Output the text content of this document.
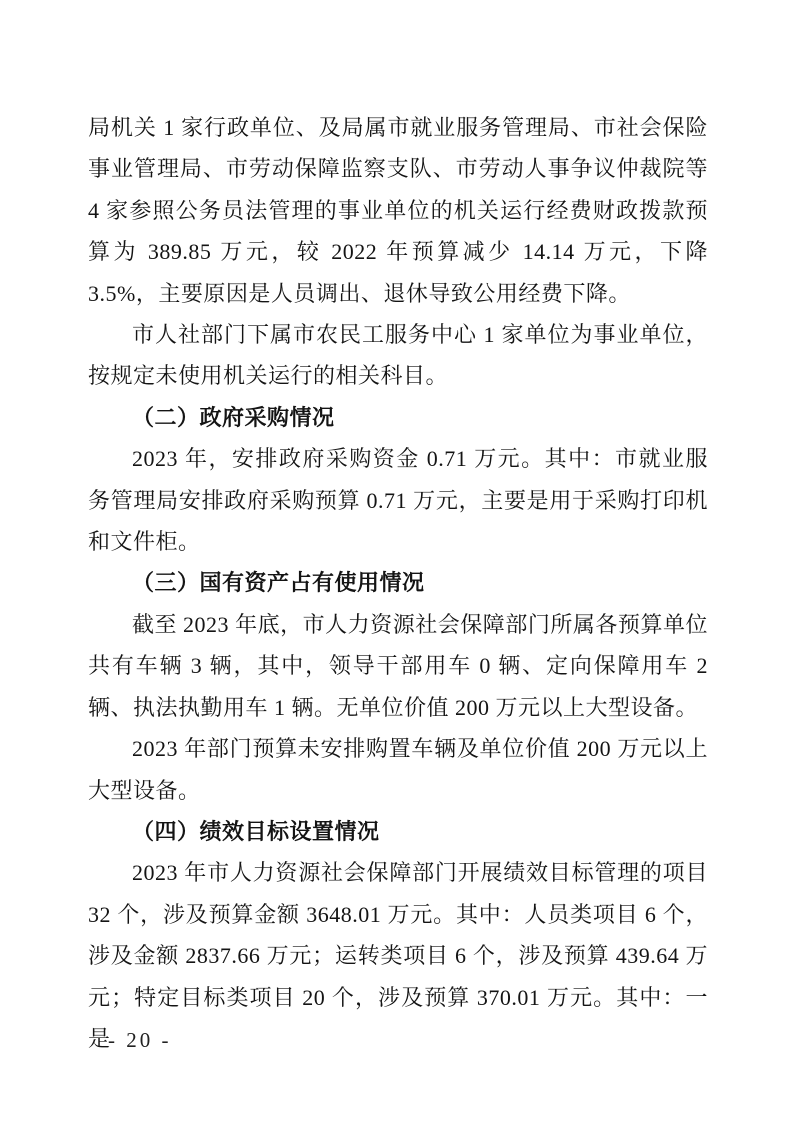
局机关 1 家行政单位、及局属市就业服务管理局、市社会保险事业管理局、市劳动保障监察支队、市劳动人事争议仲裁院等 4 家参照公务员法管理的事业单位的机关运行经费财政拨款预算为 389.85 万元，较 2022 年预算减少 14.14 万元，下降 3.5%，主要原因是人员调出、退休导致公用经费下降。

市人社部门下属市农民工服务中心 1 家单位为事业单位，按规定未使用机关运行的相关科目。

（二）政府采购情况

2023 年，安排政府采购资金 0.71 万元。其中：市就业服务管理局安排政府采购预算 0.71 万元，主要是用于采购打印机和文件柜。

（三）国有资产占有使用情况

截至 2023 年底，市人力资源社会保障部门所属各预算单位共有车辆 3 辆，其中，领导干部用车 0 辆、定向保障用车 2 辆、执法执勤用车 1 辆。无单位价值 200 万元以上大型设备。

2023 年部门预算未安排购置车辆及单位价值 200 万元以上大型设备。

（四）绩效目标设置情况

2023 年市人力资源社会保障部门开展绩效目标管理的项目 32 个，涉及预算金额 3648.01 万元。其中：人员类项目 6 个，涉及金额 2837.66 万元；运转类项目 6 个，涉及预算 439.64 万元；特定目标类项目 20 个，涉及预算 370.01 万元。其中：一是

- 20 -
